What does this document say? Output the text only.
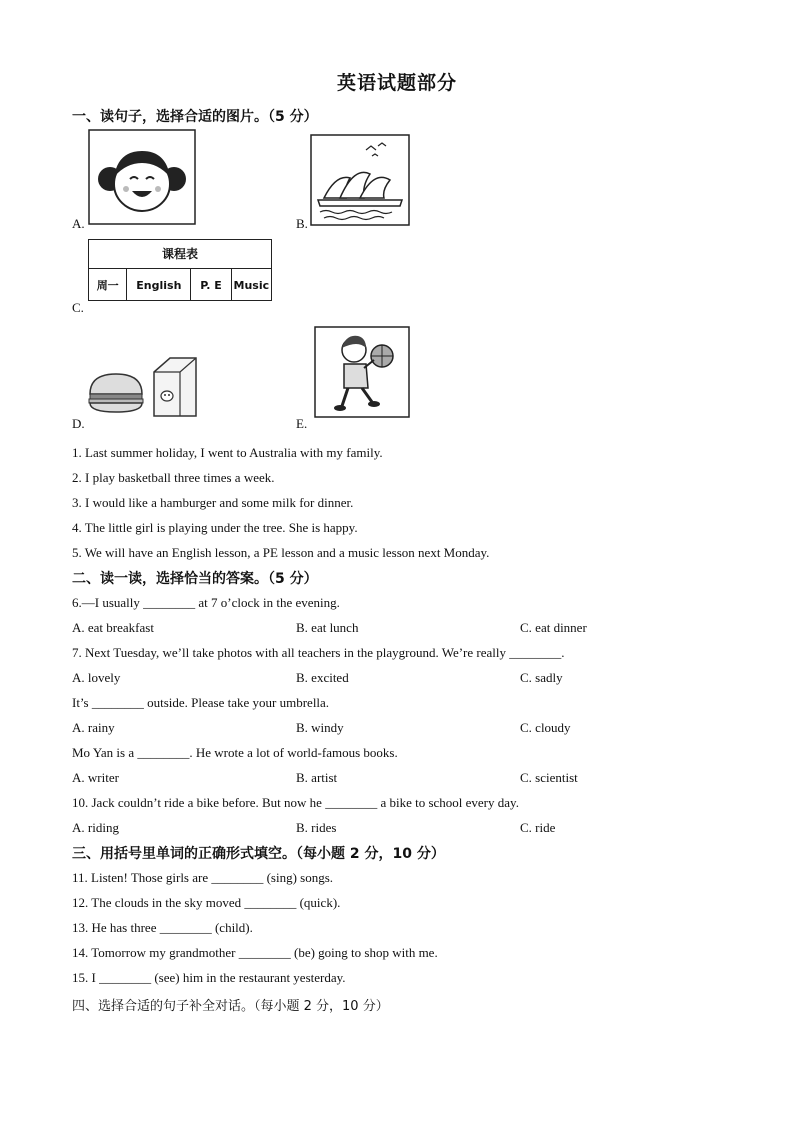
英语试题部分
一、读句子，选择合适的图片。（5 分）
A.	B.
课程表
周一	English	P. E	Music
C.
D.	E.
1. Last summer holiday, I went to Australia with my family.
2. I play basketball three times a week.
3. I would like a hamburger and some milk for dinner.
4. The little girl is playing under the tree. She is happy.
5. We will have an English lesson, a PE lesson and a music lesson next Monday.
二、读一读，选择恰当的答案。（5 分）
6.—I usually ________ at 7 o’clock in the evening.
A. eat breakfast	B. eat lunch	C. eat dinner
7. Next Tuesday, we’ll take photos with all teachers in the playground. We’re really ________.
A. lovely	B. excited	C. sadly
It’s ________ outside. Please take your umbrella.
A. rainy	B. windy	C. cloudy
Mo Yan is a ________. He wrote a lot of world-famous books.
A. writer	B. artist	C. scientist
10. Jack couldn’t ride a bike before. But now he ________ a bike to school every day.
A. riding	B. rides	C. ride
三、用括号里单词的正确形式填空。（每小题 2 分，10 分）
11. Listen! Those girls are ________ (sing) songs.
12. The clouds in the sky moved ________ (quick).
13. He has three ________ (child).
14. Tomorrow my grandmother ________ (be) going to shop with me.
15. I ________ (see) him in the restaurant yesterday.
四、选择合适的句子补全对话。（每小题 2 分，10 分）
